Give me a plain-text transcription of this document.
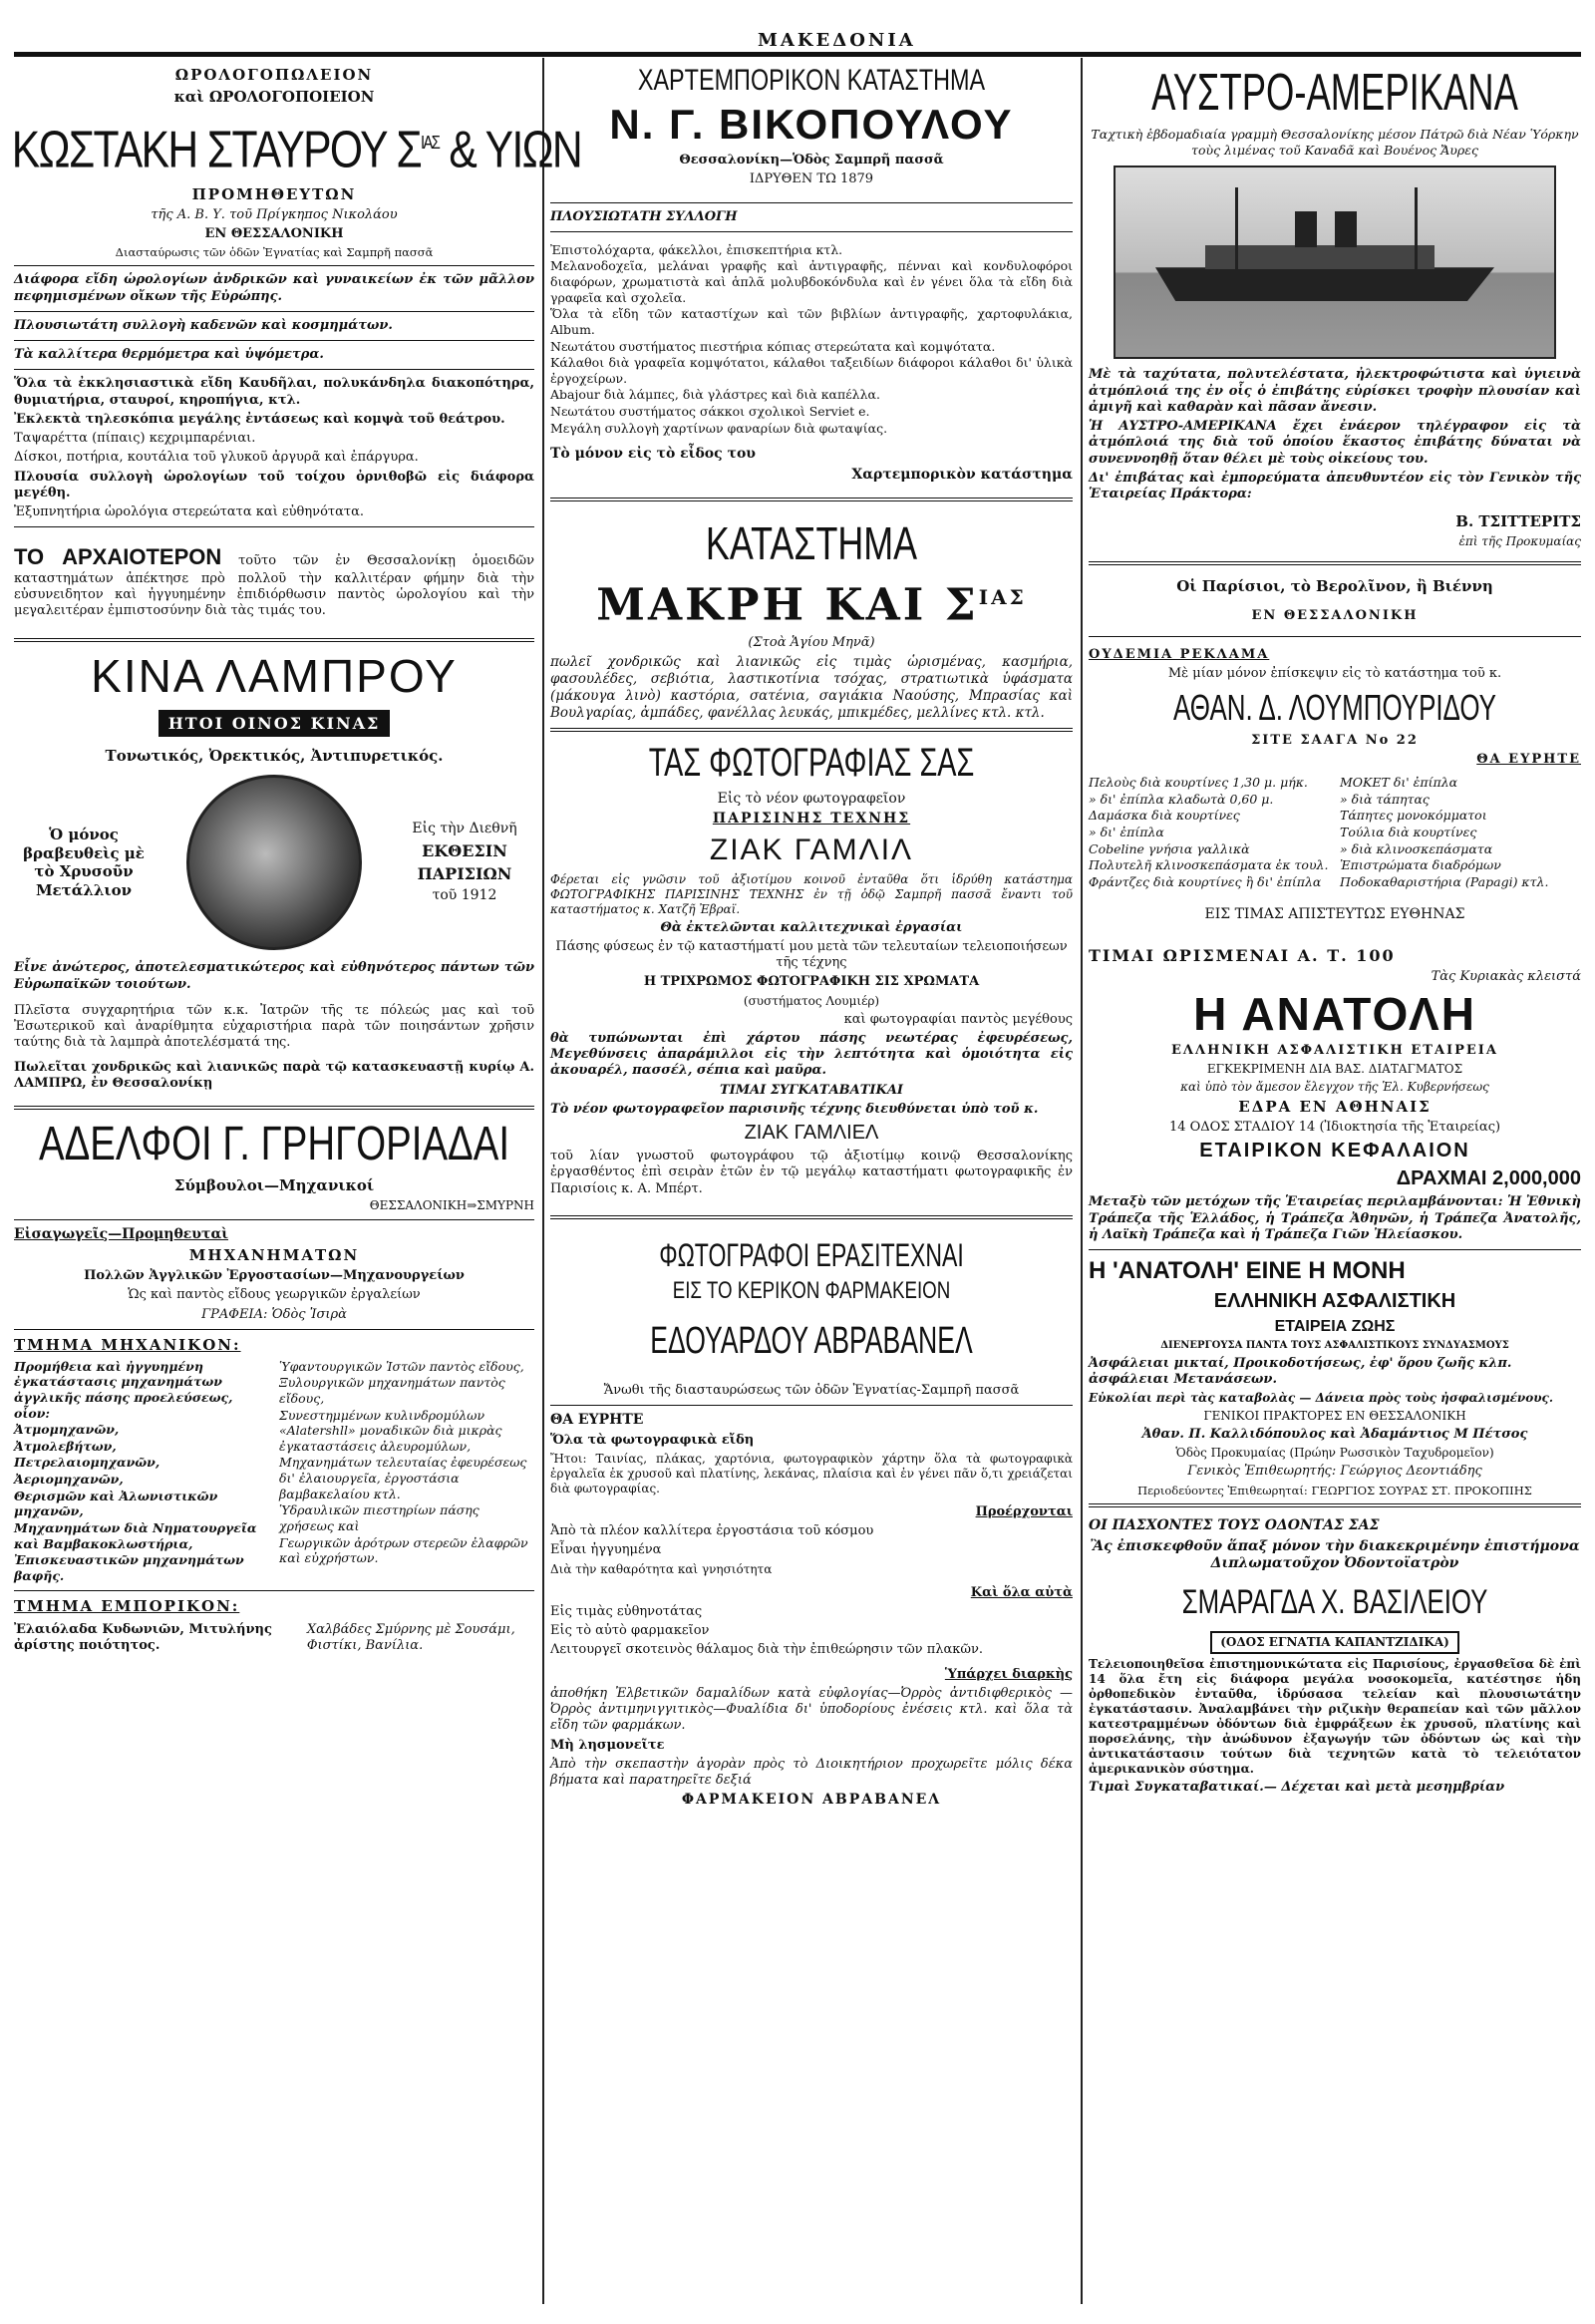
ΜΑΚΕΔΟΝΙΑ

ΩΡΟΛΟΓΟΠΩΛΕΙΟΝ

καὶ ΩΡΟΛΟΓΟΠΟΙΕΙΟΝ

ΚΩΣΤΑΚΗ ΣΤΑΥΡΟΥ $\Sigma^{IA\Sigma}$ & ΥΙΩΝ

ΠΡΟΜΗΘΕΥΤΩΝ

τῆς Α. Β. Υ. τοῦ Πρίγκηπος Νικολάου

ΕΝ ΘΕΣΣΑΛΟΝΙΚΗ

Διασταύρωσις τῶν ὁδῶν Ἐγνατίας καὶ Σαμπρῆ πασσᾶ

Διάφορα εἴδη ὡρολογίων ἀνδρικῶν καὶ γυναικείων ἐκ τῶν μᾶλλον πεφημισμένων οἴκων τῆς Εὐρώπης.

Πλουσιωτάτη συλλογὴ καδενῶν καὶ κοσμημάτων.

Τὰ καλλίτερα θερμόμετρα καὶ ὑψόμετρα.

Ὅλα τὰ ἐκκλησιαστικὰ εἴδη Καυδῆλαι, πολυκάνδηλα διακοπότηρα, θυμιατήρια, σταυροί, κηροπήγια, κτλ.

Ἐκλεκτὰ τηλεσκόπια μεγάλης ἐντάσεως καὶ κομψὰ τοῦ θεάτρου.

Ταψαρέττα (πίπαις) κεχριμπαρένιαι.

Δίσκοι, ποτήρια, κουτάλια τοῦ γλυκοῦ ἀργυρᾶ καὶ ἐπάργυρα.

Πλουσία συλλογὴ ὡρολογίων τοῦ τοίχου ὀρνιθοβῶ εἰς διάφορα μεγέθη.

Ἐξυπνητήρια ὡρολόγια στερεώτατα καὶ εὐθηνότατα.

ΤΟ ΑΡΧΑΙΟΤΕΡΟΝ τοῦτο τῶν ἐν Θεσσαλονίκῃ ὁμοειδῶν καταστημάτων ἀπέκτησε πρὸ πολλοῦ τὴν καλλιτέραν φήμην διὰ τὴν εὐσυνειδητον καὶ ἠγγυημένην ἐπιδιόρθωσιν παντὸς ὡρολογίου καὶ τὴν μεγαλειτέραν ἐμπιστοσύνην διὰ τὰς τιμάς του.

ΚΙΝΑ ΛΑΜΠΡΟΥ
ΗΤΟΙ ΟΙΝΟΣ ΚΙΝΑΣ

Τονωτικός, Ὀρεκτικός, Ἀντιπυρετικός.

Ὁ μόνος βραβευθεὶς μὲ τὸ Χρυσοῦν Μετάλλιον

Εἰς τὴν Διεθνῆ

ΕΚΘΕΣΙΝ

ΠΑΡΙΣΙΩΝ

τοῦ 1912

Εἶνε ἀνώτερος, ἀποτελεσματικώτερος καὶ εὐθηνότερος πάντων τῶν Εὐρωπαϊκῶν τοιούτων.

Πλεῖστα συγχαρητήρια τῶν κ.κ. Ἰατρῶν τῆς τε πόλεώς μας καὶ τοῦ Ἐσωτερικοῦ καὶ ἀναρίθμητα εὐχαριστήρια παρὰ τῶν ποιησάντων χρῆσιν ταύτης διὰ τὰ λαμπρὰ ἀποτελέσματά της.

Πωλεῖται χονδρικῶς καὶ λιανικῶς παρὰ τῷ κατασκευαστῇ κυρίῳ Α. ΛΑΜΠΡΩ, ἐν Θεσσαλονίκῃ

ΑΔΕΛΦΟΙ Γ. ΓΡΗΓΟΡΙΑΔΑΙ

Σύμβουλοι—Μηχανικοί

ΘΕΣΣΑΛΟΝΙΚΗ⇒ΣΜΥΡΝΗ

Εἰσαγωγεῖς—Προμηθευταὶ

ΜΗΧΑΝΗΜΑΤΩΝ

Πολλῶν Ἀγγλικῶν Ἐργοστασίων—Μηχανουργείων

Ὡς καὶ παντὸς εἴδους γεωργικῶν ἐργαλείων

ΓΡΑΦΕΙΑ: Ὁδὸς Ἰσιρὰ

ΤΜΗΜΑ ΜΗΧΑΝΙΚΟΝ:

Προμήθεια καὶ ἠγγυημένη ἐγκατάστασις μηχανημάτων ἀγγλικῆς πάσης προελεύσεως, οἷον:

Ἀτμομηχανῶν,

Ἀτμολεβήτων,

Πετρελαιομηχανῶν,

Ἀεριομηχανῶν,

Θερισμῶν καὶ Ἀλωνιστικῶν μηχανῶν,

Μηχανημάτων διὰ Νηματουργεῖα καὶ Βαμβακοκλωστήρια,

Ἐπισκευαστικῶν μηχανημάτων βαφῆς.

Ὑφαντουργικῶν Ἱστῶν παντὸς εἴδους,

Ξυλουργικῶν μηχανημάτων παντὸς εἴδους,

Συνεστημμένων κυλινδρομύλων «Alatershll» μοναδικῶν διὰ μικρὰς ἐγκαταστάσεις ἀλευρομύλων,

Μηχανημάτων τελευταίας ἐφευρέσεως δι' ἐλαιουργεῖα, ἐργοστάσια βαμβακελαίου κτλ.

Ὑδραυλικῶν πιεστηρίων πάσης χρήσεως καὶ

Γεωργικῶν ἀρότρων στερεῶν ἐλαφρῶν καὶ εὐχρήστων.

ΤΜΗΜΑ ΕΜΠΟΡΙΚΟΝ:

Ἐλαιόλαδα Κυδωνιῶν, Μιτυλήνης ἀρίστης ποιότητος.

Χαλβάδες Σμύρνης μὲ Σουσάμι, Φιστίκι, Βανίλια.

ΧΑΡΤΕΜΠΟΡΙΚΟΝ ΚΑΤΑΣΤΗΜΑ
Ν. Γ. ΒΙΚΟΠΟΥΛΟΥ

Θεσσαλονίκη—Ὁδὸς Σαμπρῆ πασσᾶ

ΙΔΡΥΘΕΝ ΤΩ 1879

ΠΛΟΥΣΙΩΤΑΤΗ ΣΥΛΛΟΓΗ

Ἐπιστολόχαρτα, φάκελλοι, ἐπισκεπτήρια κτλ.

Μελανοδοχεῖα, μελάναι γραφῆς καὶ ἀντιγραφῆς, πένναι καὶ κονδυλοφόροι διαφόρων, χρωματιστὰ καὶ ἁπλᾶ μολυβδοκόνδυλα καὶ ἐν γένει ὅλα τὰ εἴδη διὰ γραφεῖα καὶ σχολεῖα.

Ὅλα τὰ εἴδη τῶν καταστίχων καὶ τῶν βιβλίων ἀντιγραφῆς, χαρτοφυλάκια, Album.

Νεωτάτου συστήματος πιεστήρια κόπιας στερεώτατα καὶ κομψότατα.

Κάλαθοι διὰ γραφεῖα κομψότατοι, κάλαθοι ταξειδίων διάφοροι κάλαθοι δι' ὑλικὰ ἐργοχείρων.

Abajour διὰ λάμπες, διὰ γλάστρες καὶ διὰ καπέλλα.

Νεωτάτου συστήματος σάκκοι σχολικοὶ Serviet e.

Μεγάλη συλλογὴ χαρτίνων φαναρίων διὰ φωταψίας.

Τὸ μόνον εἰς τὸ εἶδος του

Χαρτεμπορικὸν κατάστημα

ΚΑΤΑΣΤΗΜΑ
ΜΑΚΡΗ ΚΑΙ $\Sigma^{IA\Sigma}$

(Στοὰ Ἁγίου Μηνᾶ)

πωλεῖ χονδρικῶς καὶ λιανικῶς εἰς τιμὰς ὡρισμένας, κασμήρια, φασουλέδες, σεβιότια, λαστικοτίνια τσόχας, στρατιωτικὰ ὑφάσματα (μάκουγα λινὸ) καστόρια, σατένια, σαγιάκια Ναούσης, Μπρασίας καὶ Βουλγαρίας, ἀμπάδες, φανέλλας λευκάς, μπικμέδες, μελλίνες κτλ. κτλ.

ΤΑΣ ΦΩΤΟΓΡΑΦΙΑΣ ΣΑΣ

Εἰς τὸ νέον φωτογραφεῖον

ΠΑΡΙΣΙΝΗΣ ΤΕΧΝΗΣ

ΖΙΑΚ ΓΑΜΛΙΛ

Φέρεται εἰς γνῶσιν τοῦ ἀξιοτίμου κοινοῦ ἐνταῦθα ὅτι ἱδρύθη κατάστημα ΦΩΤΟΓΡΑΦΙΚΗΣ ΠΑΡΙΣΙΝΗΣ ΤΕΧΝΗΣ ἐν τῇ ὁδῷ Σαμπρῆ πασσᾶ ἔναντι τοῦ καταστήματος κ. Χατζῆ Ἐβραϊ.

Θὰ ἐκτελῶνται καλλιτεχνικαὶ ἐργασίαι

Πάσης φύσεως ἐν τῷ καταστήματί μου μετὰ τῶν τελευταίων τελειοποιήσεων τῆς τέχνης

Η ΤΡΙΧΡΩΜΟΣ ΦΩΤΟΓΡΑΦΙΚΗ ΣΙΣ ΧΡΩΜΑΤΑ

(συστήματος Λουμιέρ)

καὶ φωτογραφίαι παντὸς μεγέθους

θὰ τυπώνωνται ἐπὶ χάρτου πάσης νεωτέρας ἐφευρέσεως, Μεγεθύνσεις ἀπαράμιλλοι εἰς τὴν λεπτότητα καὶ ὁμοιότητα εἰς ἀκουαρέλ, πασσέλ, σέπια καὶ μαῦρα.

ΤΙΜΑΙ ΣΥΓΚΑΤΑΒΑΤΙΚΑΙ

Τὸ νέον φωτογραφεῖον παρισινῆς τέχνης διευθύνεται ὑπὸ τοῦ κ.

ΖΙΑΚ ΓΑΜΛΙΕΛ

τοῦ λίαν γνωστοῦ φωτογράφου τῷ ἀξιοτίμῳ κοινῷ Θεσσαλονίκης ἐργασθέντος ἐπὶ σειρὰν ἐτῶν ἐν τῷ μεγάλῳ καταστήματι φωτογραφικῆς ἐν Παρισίοις κ. Α. Μπέρτ.

ΦΩΤΟΓΡΑΦΟΙ ΕΡΑΣΙΤΕΧΝΑΙ
ΕΙΣ ΤΟ ΚΕΡΙΚΟΝ ΦΑΡΜΑΚΕΙΟΝ
ΕΔΟΥΑΡΔΟΥ ΑΒΡΑΒΑΝΕΛ

Ἄνωθι τῆς διασταυρώσεως τῶν ὁδῶν Ἐγνατίας-Σαμπρῆ πασσᾶ

ΘΑ ΕΥΡΗΤΕ

Ὅλα τὰ φωτογραφικὰ εἴδη

Ἤτοι: Ταινίας, πλάκας, χαρτόνια, φωτογραφικὸν χάρτην ὅλα τὰ φωτογραφικὰ ἐργαλεῖα ἐκ χρυσοῦ καὶ πλατίνης, λεκάνας, πλαίσια καὶ ἐν γένει πᾶν ὅ,τι χρειάζεται διὰ φωτογραφίας.

Προέρχονται

Ἀπὸ τὰ πλέον καλλίτερα ἐργοστάσια τοῦ κόσμου

Εἶναι ἠγγυημένα

Διὰ τὴν καθαρότητα καὶ γνησιότητα

Καὶ ὅλα αὐτὰ

Εἰς τιμὰς εὐθηνοτάτας

Εἰς τὸ αὐτὸ φαρμακεῖον

Λειτουργεῖ σκοτεινὸς θάλαμος διὰ τὴν ἐπιθεώρησιν τῶν πλακῶν.

Ὑπάρχει διαρκὴς

ἀποθήκη Ἐλβετικῶν δαμαλίδων κατὰ εὐφλογίας—Ὀρρὸς ἀντιδιφθερικὸς —Ὀρρὸς ἀντιμηνιγγιτικὸς—Φυαλίδια δι' ὑποδορίους ἐνέσεις κτλ. καὶ ὅλα τὰ εἴδη τῶν φαρμάκων.

Μὴ λησμονεῖτε

Ἀπὸ τὴν σκεπαστὴν ἀγορὰν πρὸς τὸ Διοικητήριον προχωρεῖτε μόλις δέκα βήματα καὶ παρατηρεῖτε δεξιά

ΦΑΡΜΑΚΕΙΟΝ ΑΒΡΑΒΑΝΕΛ

ΑΥΣΤΡΟ-ΑΜΕΡΙΚΑΝΑ

Ταχτικὴ ἑβδομαδιαία γραμμὴ Θεσσαλονίκης μέσον Πάτρῶ διὰ Νέαν Ὑόρκην τοὺς λιμένας τοῦ Καναδᾶ καὶ Βουένος Ἄυρες

Μὲ τὰ ταχύτατα, πολυτελέστατα, ἠλεκτροφώτιστα καὶ ὑγιεινὰ ἀτμόπλοιά της ἐν οἷς ὁ ἐπιβάτης εὑρίσκει τροφὴν πλουσίαν καὶ ἀμιγῆ καὶ καθαρὰν καὶ πᾶσαν ἄνεσιν.

Ἡ ΑΥΣΤΡΟ-ΑΜΕΡΙΚΑΝΑ ἔχει ἐνάερον τηλέγραφον εἰς τὰ ἀτμόπλοιά της διὰ τοῦ ὁποίου ἕκαστος ἐπιβάτης δύναται νὰ συνεννοηθῇ ὅταν θέλει μὲ τοὺς οἰκείους του.

Δι' ἐπιβάτας καὶ ἐμπορεύματα ἀπευθυντέον εἰς τὸν Γενικὸν τῆς Ἑταιρείας Πράκτορα:

Β. ΤΣΙΤΤΕΡΙΤΣ

ἐπὶ τῆς Προκυμαίας

Οἱ Παρίσιοι, τὸ Βερολῖνον, ἢ Βιέννη

ΕΝ ΘΕΣΣΑΛΟΝΙΚΗ

ΟΥΔΕΜΙΑ ΡΕΚΛΑΜΑ

Μὲ μίαν μόνον ἐπίσκεψιν εἰς τὸ κατάστημα τοῦ κ.

ΑΘΑΝ. Δ. ΛΟΥΜΠΟΥΡΙΔΟΥ

ΣΙΤΕ ΣΑΑΓΑ Νο 22

ΘΑ ΕΥΡΗΤΕ

Πελοὺς διὰ κουρτίνες 1,30 μ. μήκ.

» δι' ἐπίπλα κλαδωτὰ 0,60 μ.

Δαμάσκα διὰ κουρτίνες

» δι' ἐπίπλα

Cobeline γνήσια γαλλικὰ

Πολυτελῆ κλινοσκεπάσματα ἐκ τουλ.

Φράντζες διὰ κουρτίνες ἢ δι' ἐπίπλα

ΜΟΚΕΤ δι' ἐπίπλα

» διὰ τάπητας

Τάπητες μονοκόμματοι

Τούλια διὰ κουρτίνες

» διὰ κλινοσκεπάσματα

Ἐπιστρώματα διαδρόμων

Ποδοκαθαριστήρια (Papagi) κτλ.

ΕΙΣ ΤΙΜΑΣ ΑΠΙΣΤΕΥΤΩΣ ΕΥΘΗΝΑΣ

ΤΙΜΑΙ ΩΡΙΣΜΕΝΑΙ Α. Τ. 100

Τὰς Κυριακὰς κλειστά

Η ΑΝΑΤΟΛΗ

ΕΛΛΗΝΙΚΗ ΑΣΦΑΛΙΣΤΙΚΗ ΕΤΑΙΡΕΙΑ

ΕΓΚΕΚΡΙΜΕΝΗ ΔΙΑ ΒΑΣ. ΔΙΑΤΑΓΜΑΤΟΣ

καὶ ὑπὸ τὸν ἄμεσον ἔλεγχον τῆς Ἑλ. Κυβερνήσεως

ΕΔΡΑ ΕΝ ΑΘΗΝΑΙΣ

14 ΟΔΟΣ ΣΤΑΔΙΟΥ 14 (Ἰδιοκτησία τῆς Ἑταιρείας)

ΕΤΑΙΡΙΚΟΝ ΚΕΦΑΛΑΙΟΝ

ΔΡΑΧΜΑΙ 2,000,000

Μεταξὺ τῶν μετόχων τῆς Ἑταιρείας περιλαμβάνονται: Ἡ Ἐθνικὴ Τράπεζα τῆς Ἑλλάδος, ἡ Τράπεζα Ἀθηνῶν, ἡ Τράπεζα Ἀνατολῆς, ἡ Λαϊκὴ Τράπεζα καὶ ἡ Τράπεζα Γιῶν Ἠλείασκου.

Η 'ΑΝΑΤΟΛΗ' ΕΙΝΕ Η ΜΟΝΗ

ΕΛΛΗΝΙΚΗ ΑΣΦΑΛΙΣΤΙΚΗ

ΕΤΑΙΡΕΙΑ ΖΩΗΣ

ΔΙΕΝΕΡΓΟΥΣΑ ΠΑΝΤΑ ΤΟΥΣ ΑΣΦΑΛΙΣΤΙΚΟΥΣ ΣΥΝΔΥΑΣΜΟΥΣ

Ἀσφάλειαι μικταί, Προικοδοτήσεως, ἐφ' ὅρου ζωῆς κλπ. ἀσφάλειαι Μετανάσεων.

Εὐκολίαι περὶ τὰς καταβολὰς — Δάνεια πρὸς τοὺς ἠσφαλισμένους.

ΓΕΝΙΚΟΙ ΠΡΑΚΤΟΡΕΣ ΕΝ ΘΕΣΣΑΛΟΝΙΚΗ

Ἀθαν. Π. Καλλιδόπουλος καὶ Ἀδαμάντιος Μ Πέτσος

Ὁδὸς Προκυμαίας (Πρώην Ρωσσικὸν Ταχυδρομεῖον)

Γενικὸς Ἐπιθεωρητής: Γεώργιος Δεοντιάδης

Περιοδεύοντες Ἐπιθεωρηταί: ΓΕΩΡΓΙΟΣ ΣΟΥΡΑΣ ΣΤ. ΠΡΟΚΟΠΙΗΣ

ΟΙ ΠΑΣΧΟΝΤΕΣ ΤΟΥΣ ΟΔΟΝΤΑΣ ΣΑΣ

Ἂς ἐπισκεφθοῦν ἅπαξ μόνον τὴν διακεκριμένην ἐπιστήμονα Διπλωματοῦχον Ὀδοντοϊατρὸν

ΣΜΑΡΑΓΔΑ Χ. ΒΑΣΙΛΕΙΟΥ

(ΟΔΟΣ ΕΓΝΑΤΙΑ ΚΑΠΑΝΤΖΙΔΙΚΑ)

Τελειοποιηθεῖσα ἐπιστημονικώτατα εἰς Παρισίους, ἐργασθεῖσα δὲ ἐπὶ 14 ὅλα ἔτη εἰς διάφορα μεγάλα νοσοκομεῖα, κατέστησε ἡδη ὀρθοπεδικὸν ἐνταῦθα, ἱδρύσασα τελείαν καὶ πλουσιωτάτην ἐγκατάστασιν. Ἀναλαμβάνει τὴν ριζικὴν θεραπείαν καὶ τῶν μᾶλλον κατεστραμμένων ὀδόντων διὰ ἐμφράξεων ἐκ χρυσοῦ, πλατίνης καὶ πορσελάνης, τὴν ἀνώδυνον ἐξαγωγήν τῶν ὀδόντων ὡς καὶ τὴν ἀντικατάστασιν τούτων διὰ τεχνητῶν κατὰ τὸ τελειότατον ἀμερικανικὸν σύστημα.

Τιμαὶ Συγκαταβατικαί.— Δέχεται καὶ μετὰ μεσημβρίαν
